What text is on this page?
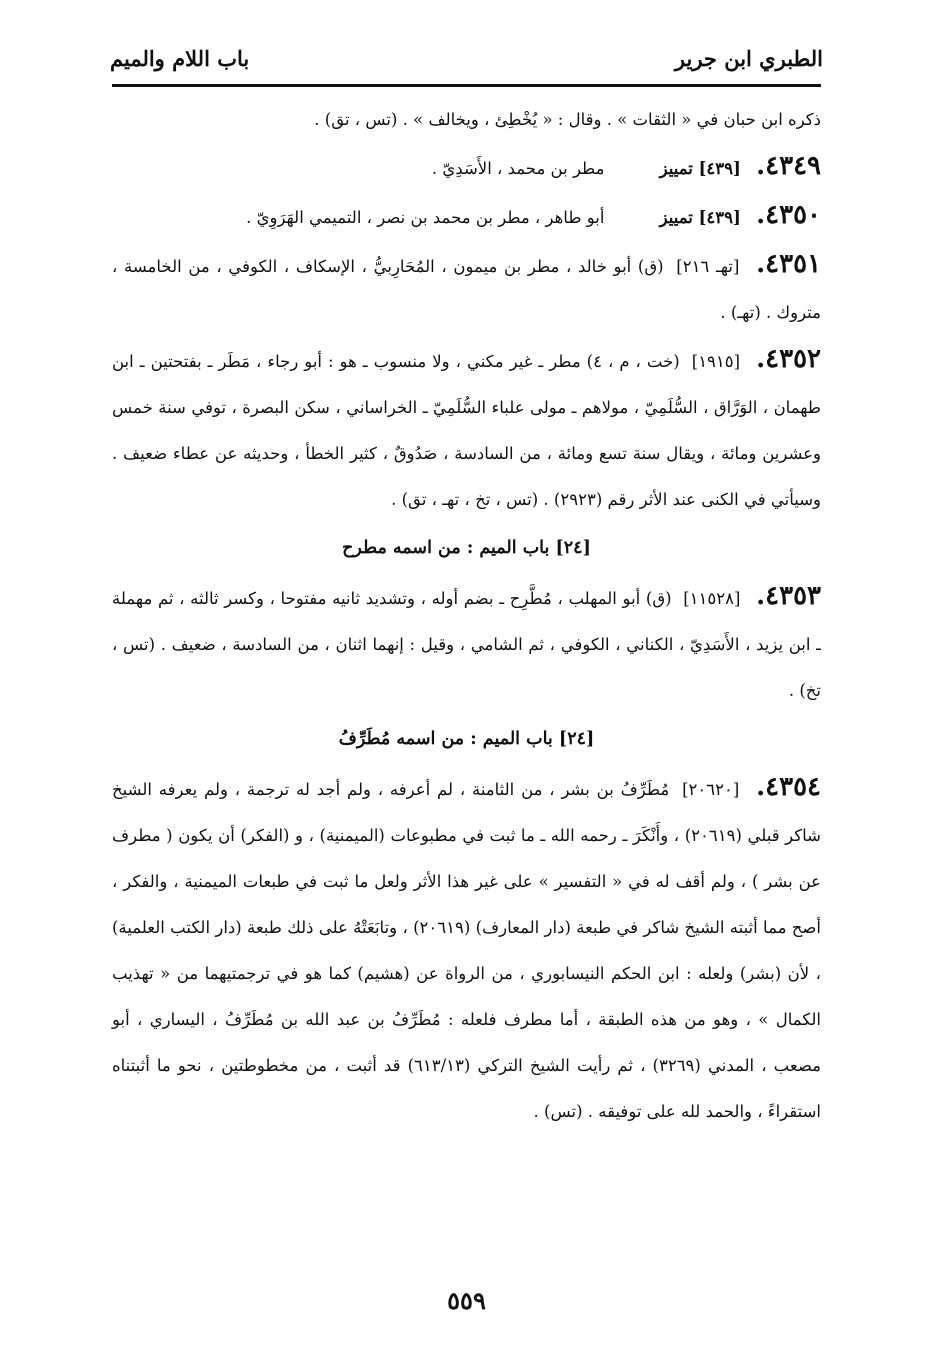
باب اللام والميم	الطبري ابن جرير

ذكره ابن حبان في « الثقات » . وقال : « يُخْطِئ ، ويخالف » . (تس ، تق) .

٤٣٤٩. [٤٣٩] تمييز مطر بن محمد ، الأَسَدِيّ .

٤٣٥٠. [٤٣٩] تمييز أبو طاهر ، مطر بن محمد بن نصر ، التميمي الهَرَوِيّ .

٤٣٥١. [تهـ ٢١٦] (ق) أبو خالد ، مطر بن ميمون ، المُحَارِبيُّ ، الإسكاف ، الكوفي ، من الخامسة ، متروك . (تهـ) .

٤٣٥٢. [١٩١٥] (خت ، م ، ٤) مطر ـ غير مكني ، ولا منسوب ـ هو : أبو رجاء ، مَطَر ـ بفتحتين ـ ابن طهمان ، الوَرَّاق ، السُّلَمِيّ ، مولاهم ـ مولى علباء السُّلَمِيّ ـ الخراساني ، سكن البصرة ، توفي سنة خمس وعشرين ومائة ، ويقال سنة تسع ومائة ، من السادسة ، صَدُوقٌ ، كثير الخطأ ، وحديثه عن عطاء ضعيف . وسيأتي في الكنى عند الأثر رقم (٢٩٢٣) . (تس ، تخ ، تهـ ، تق) .

[٢٤] باب الميم : من اسمه مطرح

٤٣٥٣. [١١٥٢٨] (ق) أبو المهلب ، مُطَّرِح ـ بضم أوله ، وتشديد ثانيه مفتوحا ، وكسر ثالثه ، ثم مهملة ـ ابن يزيد ، الأَسَدِيّ ، الكناني ، الكوفي ، ثم الشامي ، وقيل : إنهما اثنان ، من السادسة ، ضعيف . (تس ، تخ) .

[٢٤] باب الميم : من اسمه مُطَرِّفُ

٤٣٥٤. [٢٠٦٢٠] مُطَرِّفُ بن بشر ، من الثامنة ، لم أعرفه ، ولم أجد له ترجمة ، ولم يعرفه الشيخ شاكر قبلي (٢٠٦١٩) ، وأَنْكَرَ ـ رحمه الله ـ ما ثبت في مطبوعات (الميمنية) ، و (الفكر) أن يكون ( مطرف عن بشر ) ، ولم أقف له في « التفسير » على غير هذا الأثر ولعل ما ثبت في طبعات الميمنية ، والفكر ، أصح مما أثبته الشيخ شاكر في طبعة (دار المعارف) (٢٠٦١٩) ، وتابَعَتْهُ على ذلك طبعة (دار الكتب العلمية) ، لأن (بشر) ولعله : ابن الحكم النيسابوري ، من الرواة عن (هشيم) كما هو في ترجمتيهما من « تهذيب الكمال » ، وهو من هذه الطبقة ، أما مطرف فلعله : مُطَرِّفُ بن عبد الله بن مُطَرِّفُ ، اليساري ، أبو مصعب ، المدني (٣٢٦٩) ، ثم رأيت الشيخ التركي (٦١٣/١٣) قد أثبت ، من مخطوطتين ، نحو ما أثبتناه استقراءً ، والحمد لله على توفيقه . (تس) .

٥٥٩
